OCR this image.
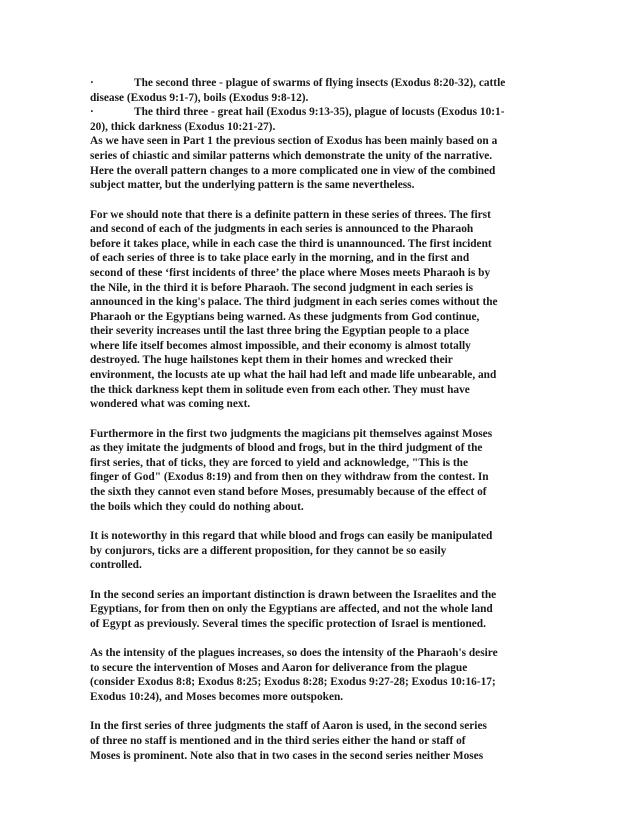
·	The second three - plague of swarms of flying insects (Exodus 8:20-32), cattle
disease (Exodus 9:1-7), boils (Exodus 9:8-12).
·	The third three - great hail (Exodus 9:13-35), plague of locusts (Exodus 10:1-
20), thick darkness (Exodus 10:21-27).
As we have seen in Part 1 the previous section of Exodus has been mainly based on a
series of chiastic and similar patterns which demonstrate the unity of the narrative.
Here the overall pattern changes to a more complicated one in view of the combined
subject matter, but the underlying pattern is the same nevertheless.
For we should note that there is a definite pattern in these series of threes. The first
and second of each of the judgments in each series is announced to the Pharaoh
before it takes place, while in each case the third is unannounced. The first incident
of each series of three is to take place early in the morning, and in the first and
second of these ‘first incidents of three’ the place where Moses meets Pharaoh is by
the Nile, in the third it is before Pharaoh. The second judgment in each series is
announced in the king's palace. The third judgment in each series comes without the
Pharaoh or the Egyptians being warned. As these judgments from God continue,
their severity increases until the last three bring the Egyptian people to a place
where life itself becomes almost impossible, and their economy is almost totally
destroyed. The huge hailstones kept them in their homes and wrecked their
environment, the locusts ate up what the hail had left and made life unbearable, and
the thick darkness kept them in solitude even from each other. They must have
wondered what was coming next.
Furthermore in the first two judgments the magicians pit themselves against Moses
as they imitate the judgments of blood and frogs, but in the third judgment of the
first series, that of ticks, they are forced to yield and acknowledge, "This is the
finger of God" (Exodus 8:19) and from then on they withdraw from the contest. In
the sixth they cannot even stand before Moses, presumably because of the effect of
the boils which they could do nothing about.
It is noteworthy in this regard that while blood and frogs can easily be manipulated
by conjurors, ticks are a different proposition, for they cannot be so easily
controlled.
In the second series an important distinction is drawn between the Israelites and the
Egyptians, for from then on only the Egyptians are affected, and not the whole land
of Egypt as previously. Several times the specific protection of Israel is mentioned.
As the intensity of the plagues increases, so does the intensity of the Pharaoh's desire
to secure the intervention of Moses and Aaron for deliverance from the plague
(consider Exodus 8:8; Exodus 8:25; Exodus 8:28; Exodus 9:27-28; Exodus 10:16-17;
Exodus 10:24), and Moses becomes more outspoken.
In the first series of three judgments the staff of Aaron is used, in the second series
of three no staff is mentioned and in the third series either the hand or staff of
Moses is prominent. Note also that in two cases in the second series neither Moses
